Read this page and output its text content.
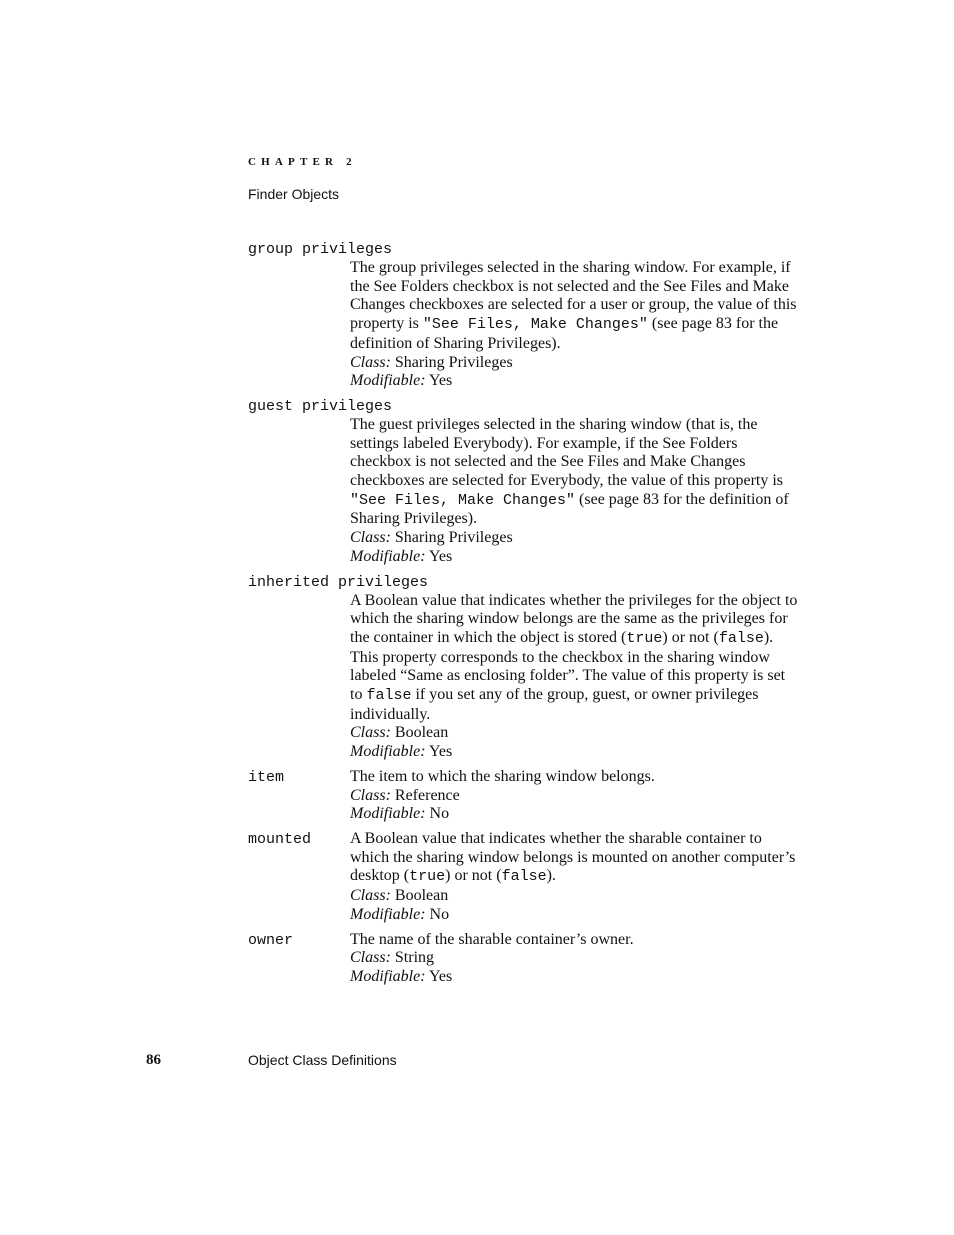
CHAPTER 2
Finder Objects
group privileges
The group privileges selected in the sharing window. For example, if the See Folders checkbox is not selected and the See Files and Make Changes checkboxes are selected for a user or group, the value of this property is "See Files, Make Changes" (see page 83 for the definition of Sharing Privileges).
Class: Sharing Privileges
Modifiable: Yes
guest privileges
The guest privileges selected in the sharing window (that is, the settings labeled Everybody). For example, if the See Folders checkbox is not selected and the See Files and Make Changes checkboxes are selected for Everybody, the value of this property is "See Files, Make Changes" (see page 83 for the definition of Sharing Privileges).
Class: Sharing Privileges
Modifiable: Yes
inherited privileges
A Boolean value that indicates whether the privileges for the object to which the sharing window belongs are the same as the privileges for the container in which the object is stored (true) or not (false). This property corresponds to the checkbox in the sharing window labeled “Same as enclosing folder”. The value of this property is set to false if you set any of the group, guest, or owner privileges individually.
Class: Boolean
Modifiable: Yes
item	The item to which the sharing window belongs.
Class: Reference
Modifiable: No
mounted	A Boolean value that indicates whether the sharable container to which the sharing window belongs is mounted on another computer’s desktop (true) or not (false).
Class: Boolean
Modifiable: No
owner	The name of the sharable container’s owner.
Class: String
Modifiable: Yes
86	Object Class Definitions
